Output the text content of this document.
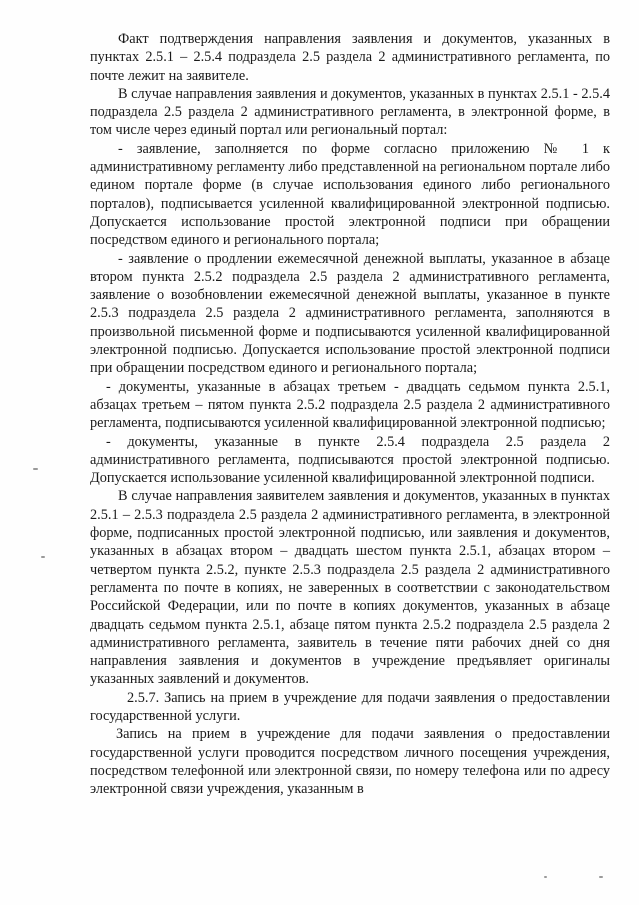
Факт подтверждения направления заявления и документов, указанных в пунктах 2.5.1 – 2.5.4 подраздела 2.5 раздела 2 административного регламента, по почте лежит на заявителе.

В случае направления заявления и документов, указанных в пунктах 2.5.1 - 2.5.4 подраздела 2.5 раздела 2 административного регламента, в электронной форме, в том числе через единый портал или региональный портал:

- заявление, заполняется по форме согласно приложению № 1 к административному регламенту либо представленной на региональном портале либо едином портале форме (в случае использования единого либо регионального порталов), подписывается усиленной квалифицированной электронной подписью. Допускается использование простой электронной подписи при обращении посредством единого и регионального портала;

- заявление о продлении ежемесячной денежной выплаты, указанное в абзаце втором пункта 2.5.2 подраздела 2.5 раздела 2 административного регламента, заявление о возобновлении ежемесячной денежной выплаты, указанное в пункте 2.5.3 подраздела 2.5 раздела 2 административного регламента, заполняются в произвольной письменной форме и подписываются усиленной квалифицированной электронной подписью. Допускается использование простой электронной подписи при обращении посредством единого и регионального портала;

- документы, указанные в абзацах третьем - двадцать седьмом пункта 2.5.1, абзацах третьем – пятом пункта 2.5.2 подраздела 2.5 раздела 2 административного регламента, подписываются усиленной квалифицированной электронной подписью;

- документы, указанные в пункте 2.5.4 подраздела 2.5 раздела 2 административного регламента, подписываются простой электронной подписью. Допускается использование усиленной квалифицированной электронной подписи.

В случае направления заявителем заявления и документов, указанных в пунктах 2.5.1 – 2.5.3 подраздела 2.5 раздела 2 административного регламента, в электронной форме, подписанных простой электронной подписью, или заявления и документов, указанных в абзацах втором – двадцать шестом пункта 2.5.1, абзацах втором – четвертом пункта 2.5.2, пункте 2.5.3 подраздела 2.5 раздела 2 административного регламента по почте в копиях, не заверенных в соответствии с законодательством Российской Федерации, или по почте в копиях документов, указанных в абзаце двадцать седьмом пункта 2.5.1, абзаце пятом пункта 2.5.2 подраздела 2.5 раздела 2 административного регламента, заявитель в течение пяти рабочих дней со дня направления заявления и документов в учреждение предъявляет оригиналы указанных заявлений и документов.

2.5.7. Запись на прием в учреждение для подачи заявления о предоставлении государственной услуги.

Запись на прием в учреждение для подачи заявления о предоставлении государственной услуги проводится посредством личного посещения учреждения, посредством телефонной или электронной связи, по номеру телефона или по адресу электронной связи учреждения, указанным в
